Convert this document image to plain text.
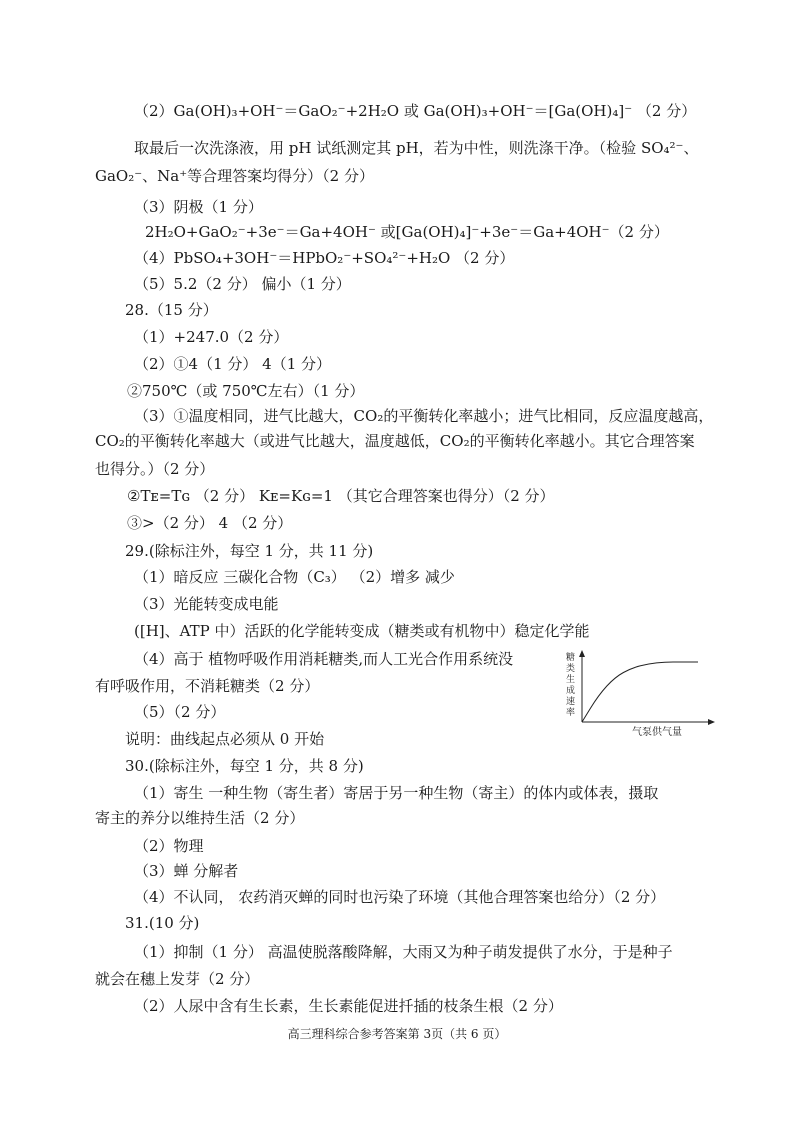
（2）Ga(OH)₃+OH⁻＝GaO₂⁻+2H₂O 或 Ga(OH)₃+OH⁻＝[Ga(OH)₄]⁻ （2 分）
取最后一次洗涤液，用 pH 试纸测定其 pH，若为中性，则洗涤干净。（检验 SO₄²⁻、
GaO₂⁻、Na⁺等合理答案均得分）（2 分）
（3）阴极（1 分）
2H₂O+GaO₂⁻+3e⁻＝Ga+4OH⁻ 或[Ga(OH)₄]⁻+3e⁻＝Ga+4OH⁻（2 分）
（4）PbSO₄+3OH⁻＝HPbO₂⁻+SO₄²⁻+H₂O （2 分）
（5）5.2（2 分） 偏小（1 分）
28.（15 分）
（1）+247.0（2 分）
（2）①4（1 分） 4（1 分）
②750℃（或 750℃左右）（1 分）
（3）①温度相同，进气比越大，CO₂的平衡转化率越小；进气比相同，反应温度越高，
CO₂的平衡转化率越大（或进气比越大，温度越低，CO₂的平衡转化率越小。其它合理答案
也得分。）（2 分）
②Tᴇ=Tɢ （2 分） Kᴇ=Kɢ=1 （其它合理答案也得分）（2 分）
③>（2 分） 4 （2 分）
29.(除标注外，每空 1 分，共 11 分)
（1）暗反应 三碳化合物（C₃） （2）增多 减少
（3）光能转变成电能
([H]、ATP 中）活跃的化学能转变成（糖类或有机物中）稳定化学能
（4）高于 植物呼吸作用消耗糖类,而人工光合作用系统没
有呼吸作用，不消耗糖类（2 分）
（5）（2 分）
说明：曲线起点必须从 0 开始
30.(除标注外，每空 1 分，共 8 分)
（1）寄生 一种生物（寄生者）寄居于另一种生物（寄主）的体内或体表，摄取
寄主的养分以维持生活（2 分）
（2）物理
（3）蝉 分解者
（4）不认同， 农药消灭蝉的同时也污染了环境（其他合理答案也给分）（2 分）
31.(10 分)
（1）抑制（1 分） 高温使脱落酸降解，大雨又为种子萌发提供了水分，于是种子
就会在穗上发芽（2 分）
（2）人尿中含有生长素，生长素能促进扦插的枝条生根（2 分）
糖
类
生
成
速
率
气泵供气量
高三理科综合参考答案第 3页（共 6 页）
